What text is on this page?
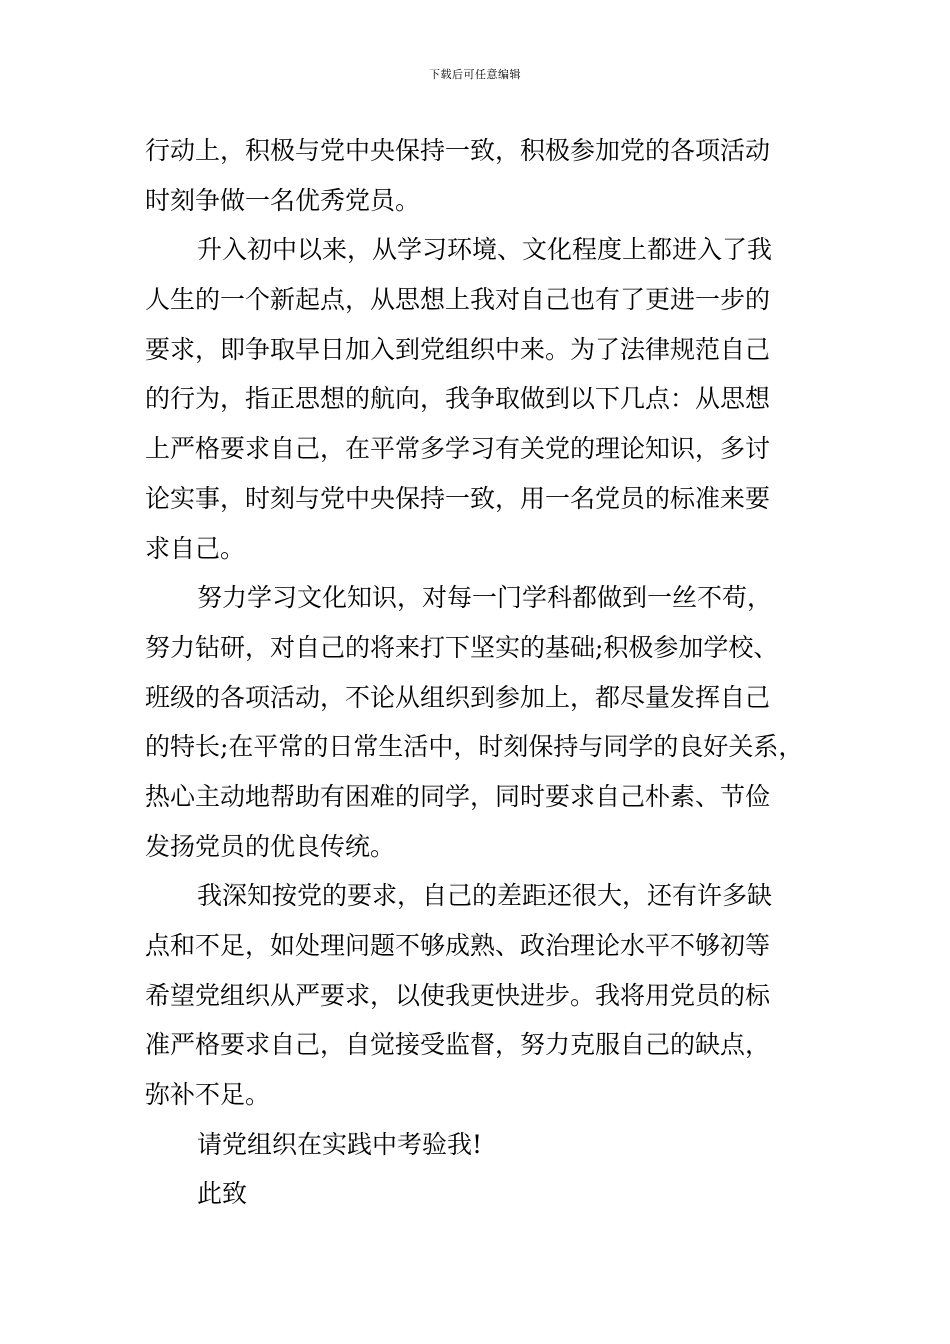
下载后可任意编辑
行动上，积极与党中央保持一致，积极参加党的各项活动
时刻争做一名优秀党员。
升入初中以来，从学习环境、文化程度上都进入了我
人生的一个新起点，从思想上我对自己也有了更进一步的
要求，即争取早日加入到党组织中来。为了法律规范自己
的行为，指正思想的航向，我争取做到以下几点：从思想
上严格要求自己，在平常多学习有关党的理论知识，多讨
论实事，时刻与党中央保持一致，用一名党员的标准来要
求自己。
努力学习文化知识，对每一门学科都做到一丝不苟，
努力钻研，对自己的将来打下坚实的基础;积极参加学校、
班级的各项活动，不论从组织到参加上，都尽量发挥自己
的特长;在平常的日常生活中，时刻保持与同学的良好关系，
热心主动地帮助有困难的同学，同时要求自己朴素、节俭
发扬党员的优良传统。
我深知按党的要求，自己的差距还很大，还有许多缺
点和不足，如处理问题不够成熟、政治理论水平不够初等
希望党组织从严要求，以使我更快进步。我将用党员的标
准严格要求自己，自觉接受监督，努力克服自己的缺点，
弥补不足。
请党组织在实践中考验我!
此致
